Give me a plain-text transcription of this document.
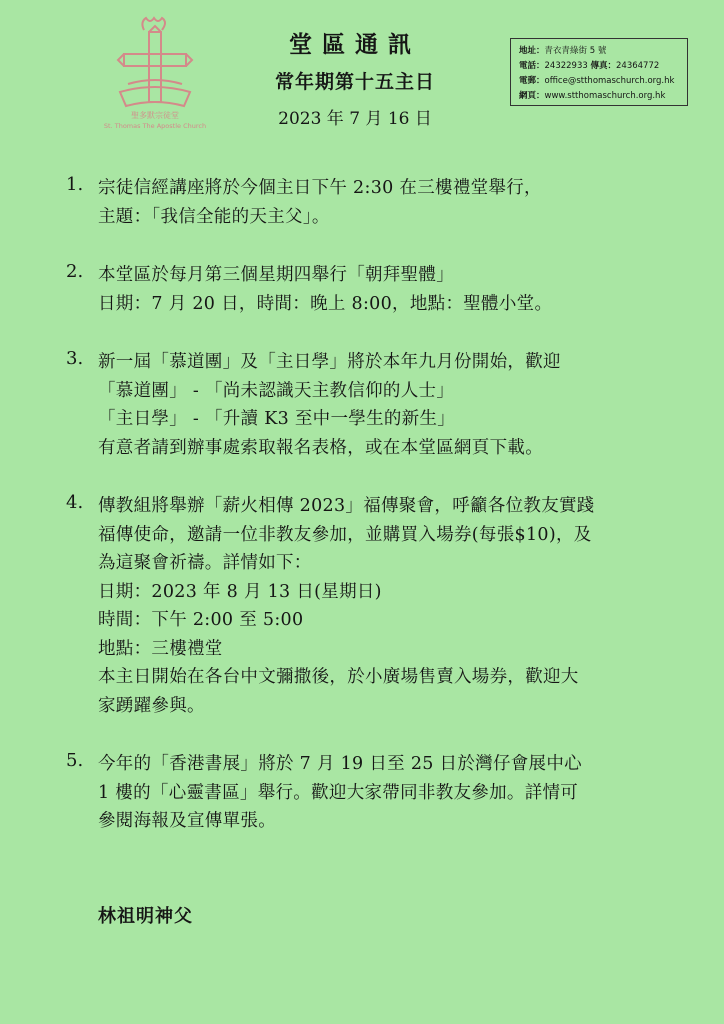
聖多默宗徒堂
St. Thomas The Apostle Church
堂區通訊
常年期第十五主日
2023 年 7 月 16 日
地址：青衣青綠街 5 號
電話：24322933 傳真：24364772
電郵：office@stthomaschurch.org.hk
網頁：www.stthomaschurch.org.hk
1. 宗徒信經講座將於今個主日下午 2:30 在三樓禮堂舉行，
主題：「我信全能的天主父」。
2. 本堂區於每月第三個星期四舉行「朝拜聖體」
日期：7 月 20 日，時間：晚上 8:00，地點：聖體小堂。
3. 新一屆「慕道團」及「主日學」將於本年九月份開始，歡迎
「慕道團」 - 「尚未認識天主教信仰的人士」
「主日學」 - 「升讀 K3 至中一學生的新生」
有意者請到辦事處索取報名表格，或在本堂區網頁下載。
4. 傳教組將舉辦「薪火相傳 2023」福傳聚會，呼籲各位教友實踐
福傳使命，邀請一位非教友參加，並購買入場券(每張$10)，及
為這聚會祈禱。詳情如下：
日期：2023 年 8 月 13 日(星期日)
時間：下午 2:00 至 5:00
地點：三樓禮堂
本主日開始在各台中文彌撒後，於小廣場售賣入場券，歡迎大
家踴躍參與。
5. 今年的「香港書展」將於 7 月 19 日至 25 日於灣仔會展中心
1 樓的「心靈書區」舉行。歡迎大家帶同非教友參加。詳情可
參閱海報及宣傳單張。
林祖明神父
